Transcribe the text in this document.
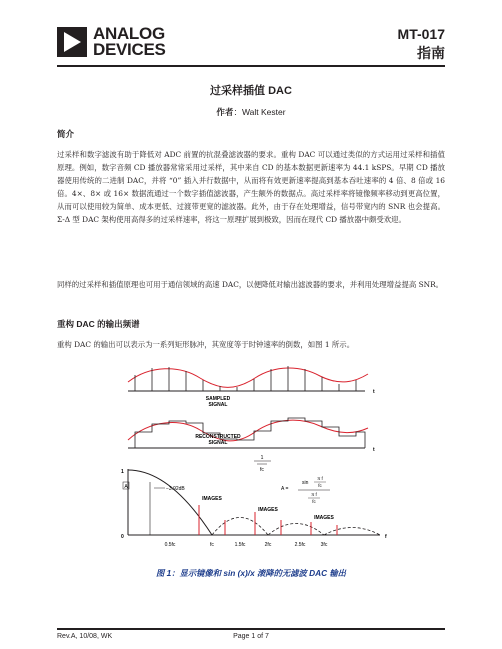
ANALOG
DEVICES
MT-017
指南
过采样插值 DAC
作者：Walt Kester
简介
过采样和数字滤波有助于降低对 ADC 前置的抗混叠滤波器的要求。重构 DAC 可以通过类似的方式运用过采样和插值原理。例如，数字音频 CD 播放器常常采用过采样，其中来自 CD 的基本数据更新速率为 44.1 kSPS。早期 CD 播放器使用传统的二进制 DAC，并将 “0” 插入并行数据中，从而将有效更新速率提高到基本吞吐速率的 4 倍、8 倍或 16 倍。4×、8× 或 16× 数据流通过一个数字插值滤波器，产生额外的数据点。高过采样率将镜像频率移动到更高位置，从而可以使用较为简单、成本更低、过渡带更宽的滤波器。此外，由于存在处理增益，信号带宽内的 SNR 也会提高。Σ-Δ 型 DAC 架构使用高得多的过采样速率，将这一原理扩展到极致，因而在现代 CD 播放器中颇受欢迎。
同样的过采样和插值原理也可用于通信领域的高速 DAC，以便降低对输出滤波器的要求，并利用处理增益提高 SNR。
重构 DAC 的输出频谱
重构 DAC 的输出可以表示为一系列矩形脉冲，其宽度等于时钟速率的倒数，如图 1 所示。
SAMPLED
SIGNAL
t
RECONSTRUCTED
SIGNAL
t
1
fc
1
0
A	−3.92dB
IMAGES
IMAGES
IMAGES
f
A =
sin
π f
fc
π f
fc
0.5fc	fc	1.5fc	2fc	2.5fc	3fc
图 1：显示镜像和 sin (x)/x 滚降的无滤波 DAC 输出
Rev.A, 10/08, WK	Page 1 of 7
